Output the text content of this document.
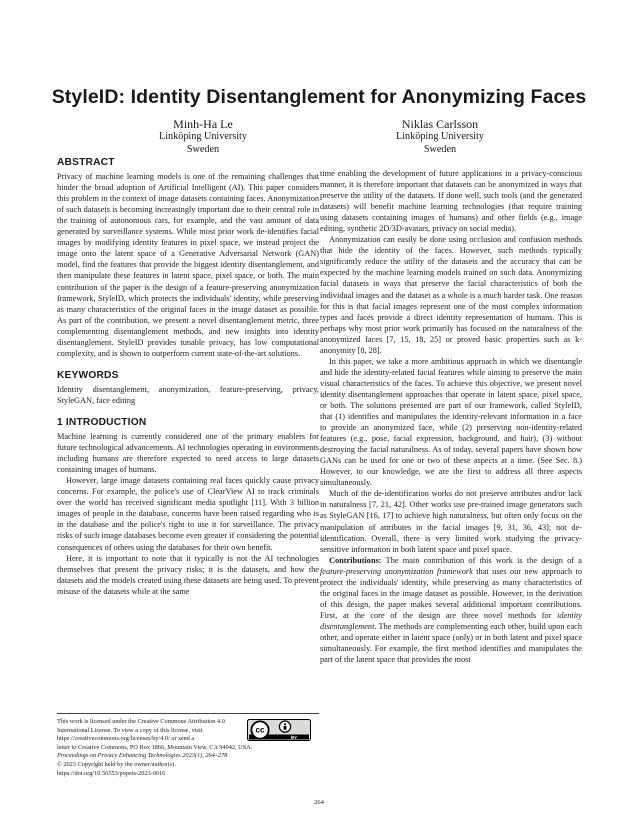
StyleID: Identity Disentanglement for Anonymizing Faces
Minh-Ha Le
Linköping University
Sweden
Niklas Carlsson
Linköping University
Sweden
ABSTRACT

Privacy of machine learning models is one of the remaining challenges that hinder the broad adoption of Artificial Intelligent (AI). This paper considers this problem in the context of image datasets containing faces. Anonymization of such datasets is becoming increasingly important due to their central role in the training of autonomous cars, for example, and the vast amount of data generated by surveillance systems. While most prior work de-identifies facial images by modifying identity features in pixel space, we instead project the image onto the latent space of a Generative Adversarial Network (GAN) model, find the features that provide the biggest identity disentanglement, and then manipulate these features in latent space, pixel space, or both. The main contribution of the paper is the design of a feature-preserving anonymization framework, StyleID, which protects the individuals' identity, while preserving as many characteristics of the original faces in the image dataset as possible. As part of the contribution, we present a novel disentanglement metric, three complementing disentanglement methods, and new insights into identity disentanglement. StyleID provides tunable privacy, has low computational complexity, and is shown to outperform current state-of-the-art solutions.

KEYWORDS

Identity disentanglement, anonymization, feature-preserving, privacy, StyleGAN, face editing

1 INTRODUCTION

Machine learning is currently considered one of the primary enablers for future technological advancements. AI technologies operating in environments including humans are therefore expected to need access to large datasets containing images of humans.

However, large image datasets containing real faces quickly cause privacy concerns. For example, the police's use of ClearView AI to track criminals over the world has received significant media spotlight [11]. With 3 billion images of people in the database, concerns have been raised regarding who is in the database and the police's right to use it for surveillance. The privacy risks of such image databases become even greater if considering the potential consequences of others using the databases for their own benefit.

Here, it is important to note that it typically is not the AI technologies themselves that present the privacy risks; it is the datasets, and how the datasets and the models created using these datasets are being used. To prevent misuse of the datasets while at the same

time enabling the development of future applications in a privacy-conscious manner, it is therefore important that datasets can be anonymized in ways that preserve the utility of the datasets. If done well, such tools (and the generated datasets) will benefit machine learning technologies (that require training using datasets containing images of humans) and other fields (e.g., image editing, synthetic 2D/3D-avatars, privacy on social media).

Anonymization can easily be done using occlusion and confusion methods that hide the identity of the faces. However, such methods typically significantly reduce the utility of the datasets and the accuracy that can be expected by the machine learning models trained on such data. Anonymizing facial datasets in ways that preserve the facial characteristics of both the individual images and the dataset as a whole is a much harder task. One reason for this is that facial images represent one of the most complex information types and faces provide a direct identity representation of humans. This is perhaps why most prior work primarily has focused on the naturalness of the anonymized faces [7, 15, 18, 25] or proved basic properties such as k-anonymity [8, 28].

In this paper, we take a more ambitious approach in which we disentangle and hide the identity-related facial features while aiming to preserve the main visual characteristics of the faces. To achieve this objective, we present novel identity disentanglement approaches that operate in latent space, pixel space, or both. The solutions presented are part of our framework, called StyleID, that (1) identifies and manipulates the identity-relevant information in a face to provide an anonymized face, while (2) preserving non-identity-related features (e.g., pose, facial expression, background, and hair), (3) without destroying the facial naturalness. As of today, several papers have shown how GANs can be used for one or two of these aspects at a time. (See Sec. 8.) However, to our knowledge, we are the first to address all three aspects simultaneously.

Much of the de-identification works do not preserve attributes and/or lack in naturalness [7, 21, 42]. Other works use pre-trained image generators such as StyleGAN [16, 17] to achieve high naturalness, but often only focus on the manipulation of attributes in the facial images [9, 31, 36, 43]; not de-identification. Overall, there is very limited work studying the privacy-sensitive information in both latent space and pixel space.

Contributions: The main contribution of this work is the design of a feature-preserving anonymization framework that uses our new approach to protect the individuals' identity, while preserving as many characteristics of the original faces in the image dataset as possible. However, in the derivation of this design, the paper makes several additional important contributions. First, at the core of the design are three novel methods for identity disentanglement. The methods are complementing each other, build upon each other, and operate either in latent space (only) or in both latent and pixel space simultaneously. For example, the first method identifies and manipulates the part of the latent space that provides the most

This work is licensed under the Creative Commons Attribution 4.0 International License. To view a copy of this license, visit https://creativecommons.org/licenses/by/4.0/ or send a
letter to Creative Commons, PO Box 1866, Mountain View, CA 94042, USA.
Proceedings on Privacy Enhancing Technologies 2023(1), 264–278
© 2023 Copyright held by the owner/author(s).
https://doi.org/10.56553/popets-2023-0016
cc
BY
264
